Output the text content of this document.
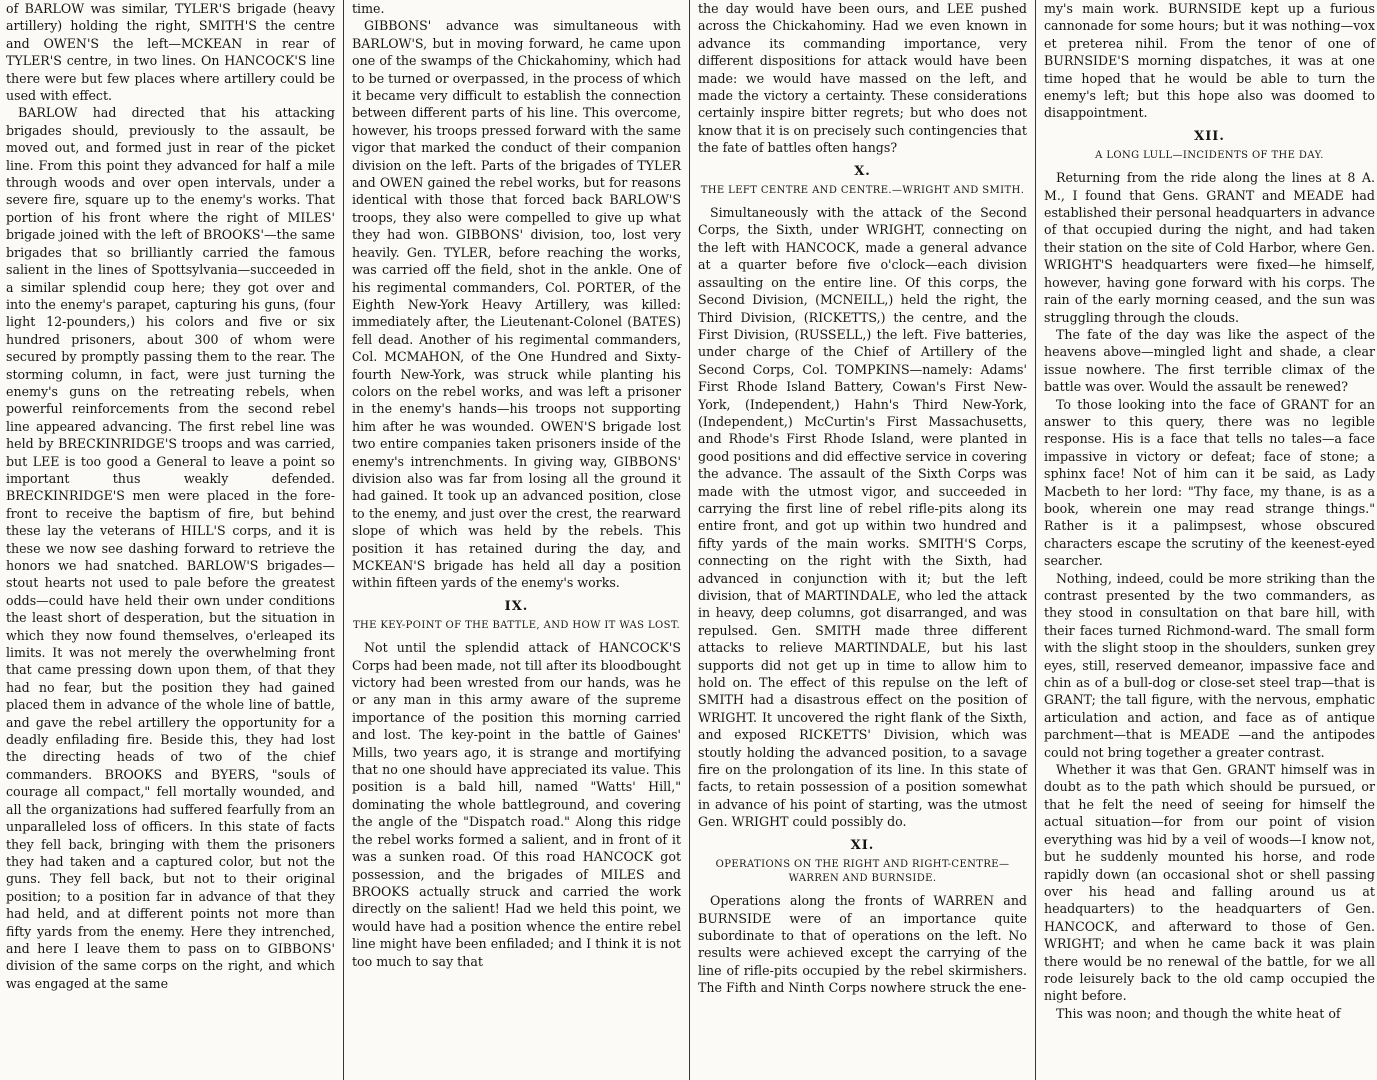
of BARLOW was similar, TYLER'S brigade (heavy artillery) holding the right, SMITH'S the centre and OWEN'S the left—MCKEAN in rear of TYLER'S centre, in two lines. On HANCOCK'S line there were but few places where artillery could be used with effect.

BARLOW had directed that his attacking brigades should, previously to the assault, be moved out, and formed just in rear of the picket line. From this point they advanced for half a mile through woods and over open intervals, under a severe fire, square up to the enemy's works. That portion of his front where the right of MILES' brigade joined with the left of BROOKS'—the same brigades that so brilliantly carried the famous salient in the lines of Spottsylvania—succeeded in a similar splendid coup here; they got over and into the enemy's parapet, capturing his guns, (four light 12-pounders,) his colors and five or six hundred prisoners, about 300 of whom were secured by promptly passing them to the rear. The storming column, in fact, were just turning the enemy's guns on the retreating rebels, when powerful reinforcements from the second rebel line appeared advancing. The first rebel line was held by BRECKINRIDGE'S troops and was carried, but LEE is too good a General to leave a point so important thus weakly defended. BRECKINRIDGE'S men were placed in the fore-front to receive the baptism of fire, but behind these lay the veterans of HILL'S corps, and it is these we now see dashing forward to retrieve the honors we had snatched. BARLOW'S brigades—stout hearts not used to pale before the greatest odds—could have held their own under conditions the least short of desperation, but the situation in which they now found themselves, o'erleaped its limits. It was not merely the overwhelming front that came pressing down upon them, of that they had no fear, but the position they had gained placed them in advance of the whole line of battle, and gave the rebel artillery the opportunity for a deadly enfilading fire. Beside this, they had lost the directing heads of two of the chief commanders. BROOKS and BYERS, "souls of courage all compact," fell mortally wounded, and all the organizations had suffered fearfully from an unparalleled loss of officers. In this state of facts they fell back, bringing with them the prisoners they had taken and a captured color, but not the guns. They fell back, but not to their original position; to a position far in advance of that they had held, and at different points not more than fifty yards from the enemy. Here they intrenched, and here I leave them to pass on to GIBBONS' division of the same corps on the right, and which was engaged at the same

time.

GIBBONS' advance was simultaneous with BARLOW'S, but in moving forward, he came upon one of the swamps of the Chickahominy, which had to be turned or overpassed, in the process of which it became very difficult to establish the connection between different parts of his line. This overcome, however, his troops pressed forward with the same vigor that marked the conduct of their companion division on the left. Parts of the brigades of TYLER and OWEN gained the rebel works, but for reasons identical with those that forced back BARLOW'S troops, they also were compelled to give up what they had won. GIBBONS' division, too, lost very heavily. Gen. TYLER, before reaching the works, was carried off the field, shot in the ankle. One of his regimental commanders, Col. PORTER, of the Eighth New-York Heavy Artillery, was killed: immediately after, the Lieutenant-Colonel (BATES) fell dead. Another of his regimental commanders, Col. MCMAHON, of the One Hundred and Sixty-fourth New-York, was struck while planting his colors on the rebel works, and was left a prisoner in the enemy's hands—his troops not supporting him after he was wounded. OWEN'S brigade lost two entire companies taken prisoners inside of the enemy's intrenchments. In giving way, GIBBONS' division also was far from losing all the ground it had gained. It took up an advanced position, close to the enemy, and just over the crest, the rearward slope of which was held by the rebels. This position it has retained during the day, and MCKEAN'S brigade has held all day a position within fifteen yards of the enemy's works.

IX.
THE KEY-POINT OF THE BATTLE, AND HOW IT WAS LOST.

Not until the splendid attack of HANCOCK'S Corps had been made, not till after its bloodbought victory had been wrested from our hands, was he or any man in this army aware of the supreme importance of the position this morning carried and lost. The key-point in the battle of Gaines' Mills, two years ago, it is strange and mortifying that no one should have appreciated its value. This position is a bald hill, named "Watts' Hill," dominating the whole battleground, and covering the angle of the "Dispatch road." Along this ridge the rebel works formed a salient, and in front of it was a sunken road. Of this road HANCOCK got possession, and the brigades of MILES and BROOKS actually struck and carried the work directly on the salient! Had we held this point, we would have had a position whence the entire rebel line might have been enfiladed; and I think it is not too much to say that

the day would have been ours, and LEE pushed across the Chickahominy. Had we even known in advance its commanding importance, very different dispositions for attack would have been made: we would have massed on the left, and made the victory a certainty. These considerations certainly inspire bitter regrets; but who does not know that it is on precisely such contingencies that the fate of battles often hangs?

X.
THE LEFT CENTRE AND CENTRE.—WRIGHT AND SMITH.

Simultaneously with the attack of the Second Corps, the Sixth, under WRIGHT, connecting on the left with HANCOCK, made a general advance at a quarter before five o'clock—each division assaulting on the entire line. Of this corps, the Second Division, (MCNEILL,) held the right, the Third Division, (RICKETTS,) the centre, and the First Division, (RUSSELL,) the left. Five batteries, under charge of the Chief of Artillery of the Second Corps, Col. TOMPKINS—namely: Adams' First Rhode Island Battery, Cowan's First New-York, (Independent,) Hahn's Third New-York, (Independent,) McCurtin's First Massachusetts, and Rhode's First Rhode Island, were planted in good positions and did effective service in covering the advance. The assault of the Sixth Corps was made with the utmost vigor, and succeeded in carrying the first line of rebel rifle-pits along its entire front, and got up within two hundred and fifty yards of the main works. SMITH'S Corps, connecting on the right with the Sixth, had advanced in conjunction with it; but the left division, that of MARTINDALE, who led the attack in heavy, deep columns, got disarranged, and was repulsed. Gen. SMITH made three different attacks to relieve MARTINDALE, but his last supports did not get up in time to allow him to hold on. The effect of this repulse on the left of SMITH had a disastrous effect on the position of WRIGHT. It uncovered the right flank of the Sixth, and exposed RICKETTS' Division, which was stoutly holding the advanced position, to a savage fire on the prolongation of its line. In this state of facts, to retain possession of a position somewhat in advance of his point of starting, was the utmost Gen. WRIGHT could possibly do.

XI.
OPERATIONS ON THE RIGHT AND RIGHT-CENTRE—WARREN AND BURNSIDE.

Operations along the fronts of WARREN and BURNSIDE were of an importance quite subordinate to that of operations on the left. No results were achieved except the carrying of the line of rifle-pits occupied by the rebel skirmishers. The Fifth and Ninth Corps nowhere struck the ene-

my's main work. BURNSIDE kept up a furious cannonade for some hours; but it was nothing—vox et preterea nihil. From the tenor of one of BURNSIDE'S morning dispatches, it was at one time hoped that he would be able to turn the enemy's left; but this hope also was doomed to disappointment.

XII.
A LONG LULL—INCIDENTS OF THE DAY.

Returning from the ride along the lines at 8 A. M., I found that Gens. GRANT and MEADE had established their personal headquarters in advance of that occupied during the night, and had taken their station on the site of Cold Harbor, where Gen. WRIGHT'S headquarters were fixed—he himself, however, having gone forward with his corps. The rain of the early morning ceased, and the sun was struggling through the clouds.

The fate of the day was like the aspect of the heavens above—mingled light and shade, a clear issue nowhere. The first terrible climax of the battle was over. Would the assault be renewed?

To those looking into the face of GRANT for an answer to this query, there was no legible response. His is a face that tells no tales—a face impassive in victory or defeat; face of stone; a sphinx face! Not of him can it be said, as Lady Macbeth to her lord: "Thy face, my thane, is as a book, wherein one may read strange things." Rather is it a palimpsest, whose obscured characters escape the scrutiny of the keenest-eyed searcher.

Nothing, indeed, could be more striking than the contrast presented by the two commanders, as they stood in consultation on that bare hill, with their faces turned Richmond-ward. The small form with the slight stoop in the shoulders, sunken grey eyes, still, reserved demeanor, impassive face and chin as of a bull-dog or close-set steel trap—that is GRANT; the tall figure, with the nervous, emphatic articulation and action, and face as of antique parchment—that is MEADE —and the antipodes could not bring together a greater contrast.

Whether it was that Gen. GRANT himself was in doubt as to the path which should be pursued, or that he felt the need of seeing for himself the actual situation—for from our point of vision everything was hid by a veil of woods—I know not, but he suddenly mounted his horse, and rode rapidly down (an occasional shot or shell passing over his head and falling around us at headquarters) to the headquarters of Gen. HANCOCK, and afterward to those of Gen. WRIGHT; and when he came back it was plain there would be no renewal of the battle, for we all rode leisurely back to the old camp occupied the night before.

This was noon; and though the white heat of
